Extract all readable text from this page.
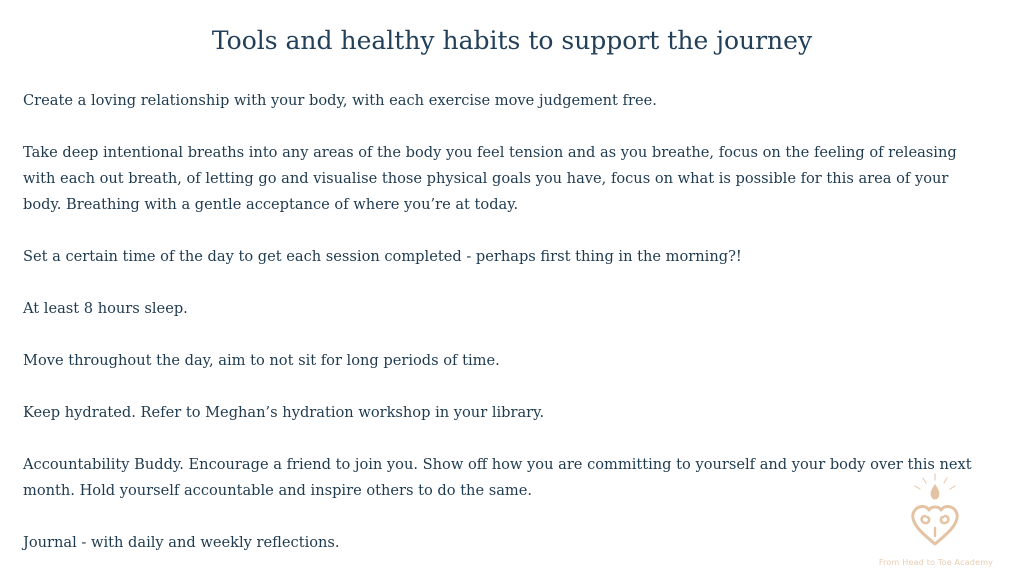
Tools and healthy habits to support the journey

Create a loving relationship with your body, with each exercise move judgement free.

Take deep intentional breaths into any areas of the body you feel tension and as you breathe, focus on the feeling of releasing with each out breath, of letting go and visualise those physical goals you have, focus on what is possible for this area of your body. Breathing with a gentle acceptance of where you’re at today.

Set a certain time of the day to get each session completed - perhaps first thing in the morning?!

At least 8 hours sleep.

Move throughout the day, aim to not sit for long periods of time.

Keep hydrated. Refer to Meghan’s hydration workshop in your library.

Accountability Buddy. Encourage a friend to join you. Show off how you are committing to yourself and your body over this next month. Hold yourself accountable and inspire others to do the same.

Journal - with daily and weekly reflections.

From Head to Toe Academy
